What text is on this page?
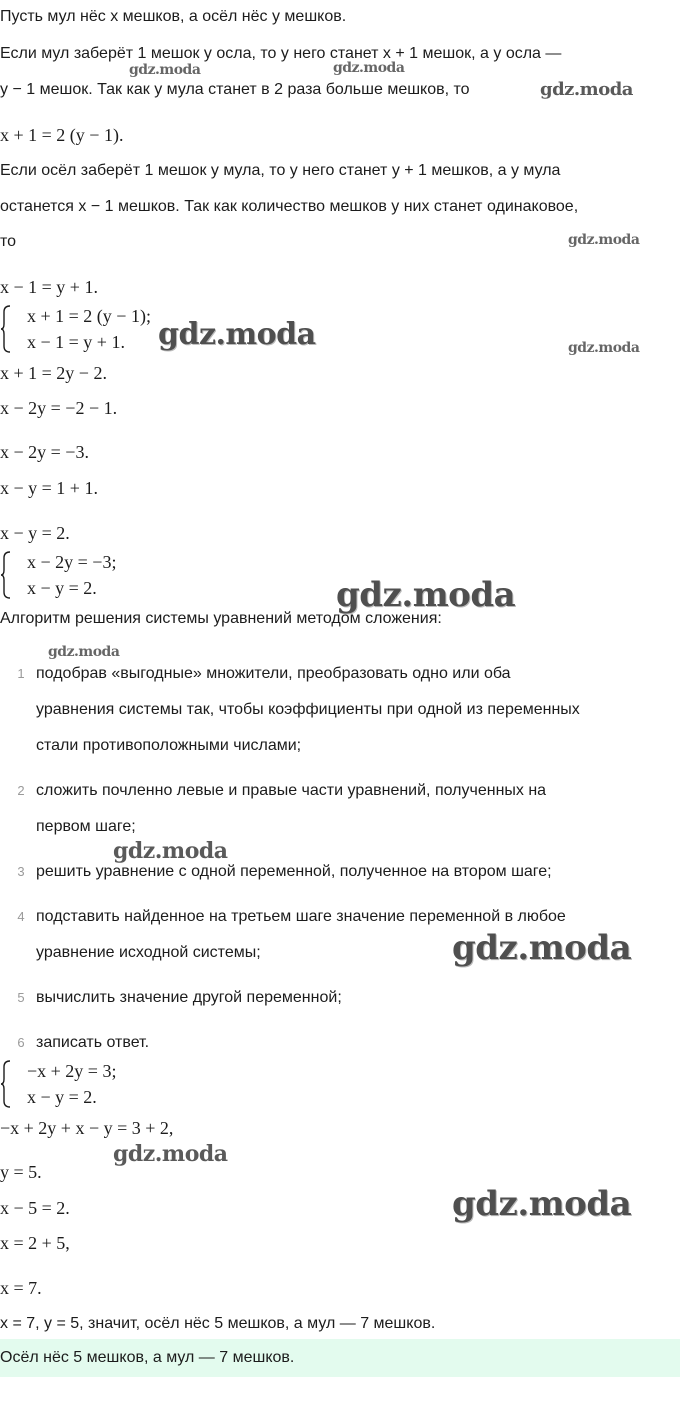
Пусть мул нёс x мешков, а осёл нёс y мешков.
Если мул заберёт 1 мешок у осла, то у него станет x + 1 мешок, а у осла —
y − 1 мешок. Так как у мула станет в 2 раза больше мешков, то
x + 1 = 2 (y − 1).
Если осёл заберёт 1 мешок у мула, то у него станет y + 1 мешков, а у мула
останется x − 1 мешков. Так как количество мешков у них станет одинаковое,
то
x − 1 = y + 1.
x + 1 = 2 (y − 1);
x − 1 = y + 1.
x + 1 = 2y − 2.
x − 2y = −2 − 1.
x − 2y = −3.
x − y = 1 + 1.
x − y = 2.
x − 2y = −3;
x − y = 2.
Алгоритм решения системы уравнений методом сложения:
1 подобрав «выгодные» множители, преобразовать одно или оба
уравнения системы так, чтобы коэффициенты при одной из переменных
стали противоположными числами;
2 сложить почленно левые и правые части уравнений, полученных на
первом шаге;
3 решить уравнение с одной переменной, полученное на втором шаге;
4 подставить найденное на третьем шаге значение переменной в любое
уравнение исходной системы;
5 вычислить значение другой переменной;
6 записать ответ.
−x + 2y = 3;
x − y = 2.
−x + 2y + x − y = 3 + 2,
y = 5.
x − 5 = 2.
x = 2 + 5,
x = 7.
x = 7, y = 5, значит, осёл нёс 5 мешков, а мул — 7 мешков.
Осёл нёс 5 мешков, а мул — 7 мешков.
gdz.moda	gdz.moda
gdz.moda
gdz.moda
gdz.moda	gdz.moda
gdz.moda
gdz.moda
gdz.moda
gdz.moda
gdz.moda
gdz.moda
